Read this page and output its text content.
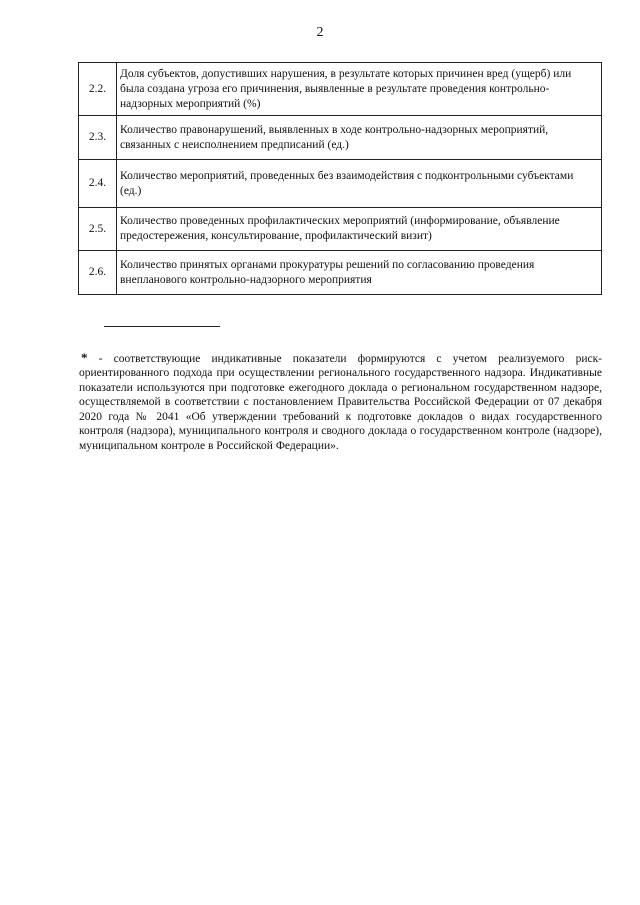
2
2.2.	Доля субъектов, допустивших нарушения, в результате которых причинен вред (ущерб) или была создана угроза его причинения, выявленные в результате проведения контрольно-надзорных мероприятий (%)
2.3.	Количество правонарушений, выявленных в ходе контрольно-надзорных мероприятий, связанных с неисполнением предписаний (ед.)
2.4.	Количество мероприятий, проведенных без взаимодействия с подконтрольными субъектами (ед.)
2.5.	Количество проведенных профилактических мероприятий (информирование, объявление предостережения, консультирование, профилактический визит)
2.6.	Количество принятых органами прокуратуры решений по согласованию проведения внепланового контрольно-надзорного мероприятия

* - соответствующие индикативные показатели формируются с учетом реализуемого риск-ориентированного подхода при осуществлении регионального государственного надзора. Индикативные показатели используются при подготовке ежегодного доклада о региональном государственном надзоре, осуществляемой в соответствии с постановлением Правительства Российской Федерации от 07 декабря 2020 года № 2041 «Об утверждении требований к подготовке докладов о видах государственного контроля (надзора), муниципального контроля и сводного доклада о государственном контроле (надзоре), муниципальном контроле в Российской Федерации».
